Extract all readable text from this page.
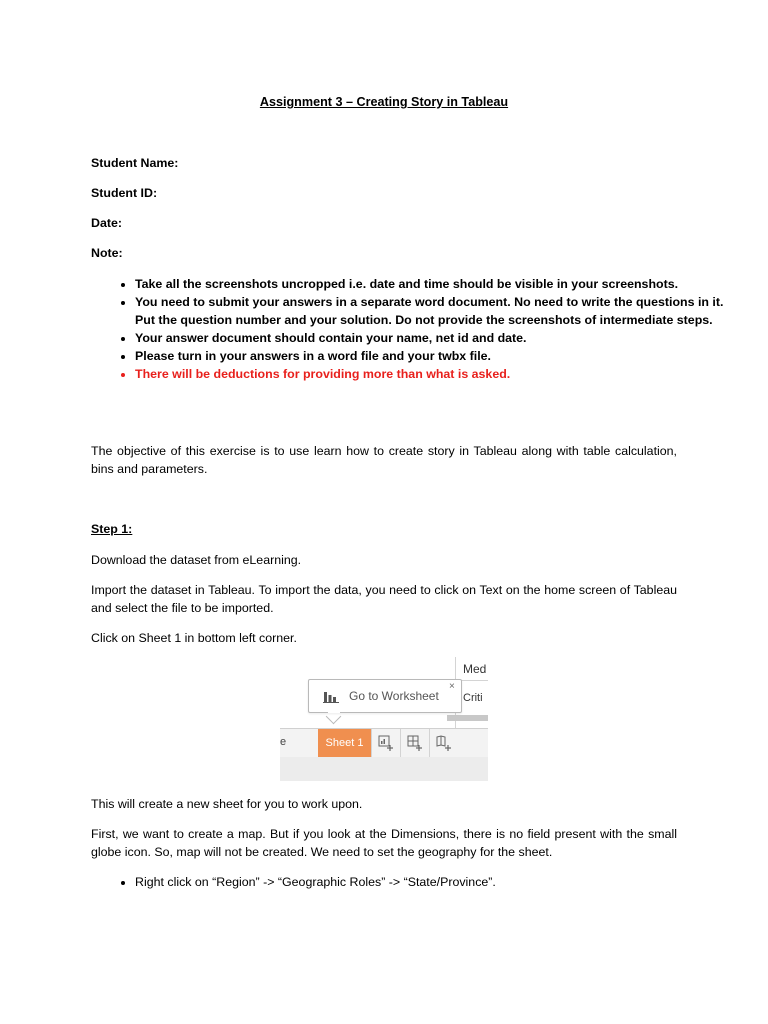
Assignment 3 – Creating Story in Tableau
Student Name:
Student ID:
Date:
Note:
• Take all the screenshots uncropped i.e. date and time should be visible in your screenshots.
• You need to submit your answers in a separate word document. No need to write the questions in it. Put the question number and your solution. Do not provide the screenshots of intermediate steps.
• Your answer document should contain your name, net id and date.
• Please turn in your answers in a word file and your twbx file.
• There will be deductions for providing more than what is asked.
The objective of this exercise is to use learn how to create story in Tableau along with table calculation, bins and parameters.
Step 1:
Download the dataset from eLearning.
Import the dataset in Tableau. To import the data, you need to click on Text on the home screen of Tableau and select the file to be imported.
Click on Sheet 1 in bottom left corner.
Med
Criti
Go to Worksheet
×
e	Sheet 1
This will create a new sheet for you to work upon.
First, we want to create a map. But if you look at the Dimensions, there is no field present with the small globe icon. So, map will not be created. We need to set the geography for the sheet.
• Right click on “Region” -> “Geographic Roles” -> “State/Province”.
